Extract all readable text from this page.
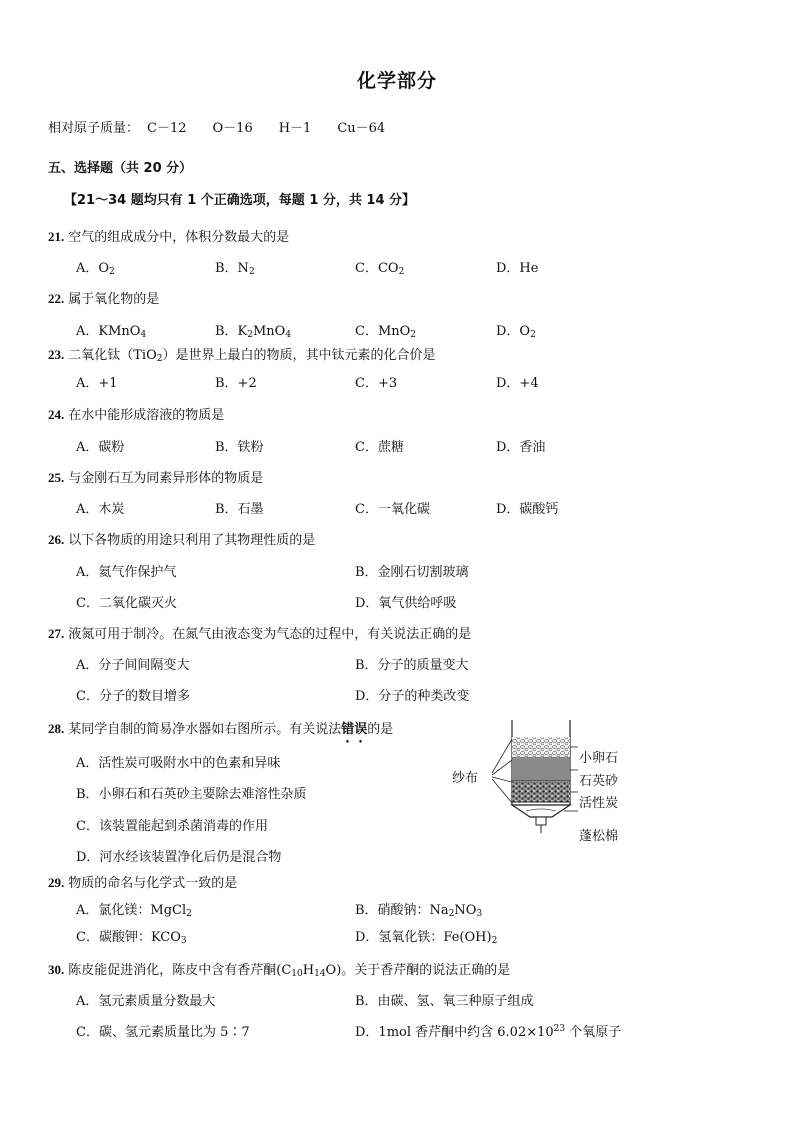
化学部分
相对原子质量： C－12 O－16 H－1 Cu－64
五、选择题（共 20 分）
【21～34 题均只有 1 个正确选项，每题 1 分，共 14 分】
21. 空气的组成成分中，体积分数最大的是
A．$O_2$	B．$N_2$	C．$CO_2$	D．He
22. 属于氧化物的是
A．KMnO$_4$	B．$K_2MnO_4$	C．MnO$_2$	D．$O_2$
23. 二氧化钛（TiO$_2$）是世界上最白的物质，其中钛元素的化合价是
A．+1	B．+2	C．+3	D．+4
24. 在水中能形成溶液的物质是
A．碳粉	B．铁粉	C．蔗糖	D．香油
25. 与金刚石互为同素异形体的物质是
A．木炭	B．石墨	C．一氧化碳	D．碳酸钙
26. 以下各物质的用途只利用了其物理性质的是
A．氦气作保护气	B．金刚石切割玻璃
C．二氧化碳灭火	D．氧气供给呼吸
27. 液氮可用于制冷。在氮气由液态变为气态的过程中，有关说法正确的是
A．分子间间隔变大	B．分子的质量变大
C．分子的数目增多	D．分子的种类改变
28. 某同学自制的简易净水器如右图所示。有关说法错误的是
A．活性炭可吸附水中的色素和异味
B．小卵石和石英砂主要除去难溶性杂质
C．该装置能起到杀菌消毒的作用
D．河水经该装置净化后仍是混合物
纱布
小卵石
石英砂
活性炭
蓬松棉
29. 物质的命名与化学式一致的是
A．氯化镁：MgCl$_2$	B．硝酸钠：$Na_2NO_3$
C．碳酸钾：$KCO_3$	D．氢氧化铁：$Fe(OH)_2$
30. 陈皮能促进消化，陈皮中含有香芹酮$(C_{10}H_{14}O)$。关于香芹酮的说法正确的是
A．氢元素质量分数最大	B．由碳、氢、氧三种原子组成
C．碳、氢元素质量比为 5∶7	D．1mol 香芹酮中约含 $6.02\times 10^{23}$ 个氧原子
